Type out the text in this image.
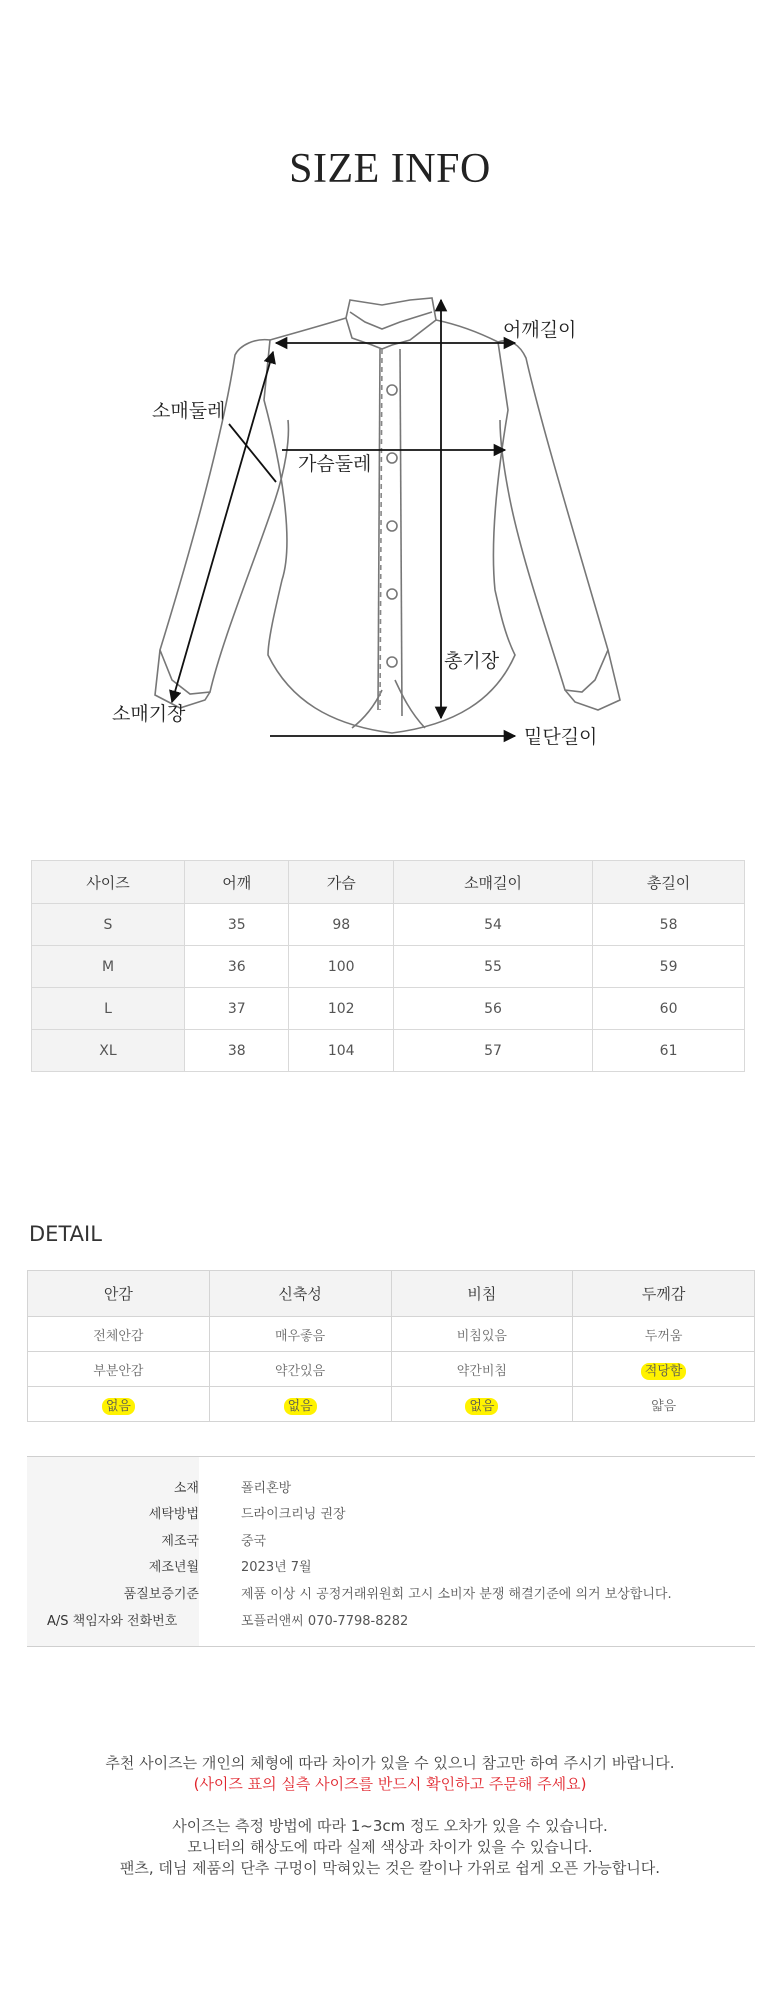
SIZE INFO
어깨길이
소매둘레
가슴둘레
총기장
소매기장
밑단길이
사이즈	어깨	가슴	소매길이	총길이
S	35	98	54	58
M	36	100	55	59
L	37	102	56	60
XL	38	104	57	61
DETAIL
안감	신축성	비침	두께감
전체안감	매우좋음	비침있음	두꺼움
부분안감	약간있음	약간비침	적당함
없음	없음	없음	얇음
소재	폴리혼방
세탁방법	드라이크리닝 권장
제조국	중국
제조년월	2023년 7월
품질보증기준	제품 이상 시 공정거래위원회 고시 소비자 분쟁 해결기준에 의거 보상합니다.
A/S 책임자와 전화번호	포플러앤씨 070-7798-8282
추천 사이즈는 개인의 체형에 따라 차이가 있을 수 있으니 참고만 하여 주시기 바랍니다.
(사이즈 표의 실측 사이즈를 반드시 확인하고 주문해 주세요)
사이즈는 측정 방법에 따라 1~3cm 정도 오차가 있을 수 있습니다.
모니터의 해상도에 따라 실제 색상과 차이가 있을 수 있습니다.
팬츠, 데님 제품의 단추 구멍이 막혀있는 것은 칼이나 가위로 쉽게 오픈 가능합니다.
